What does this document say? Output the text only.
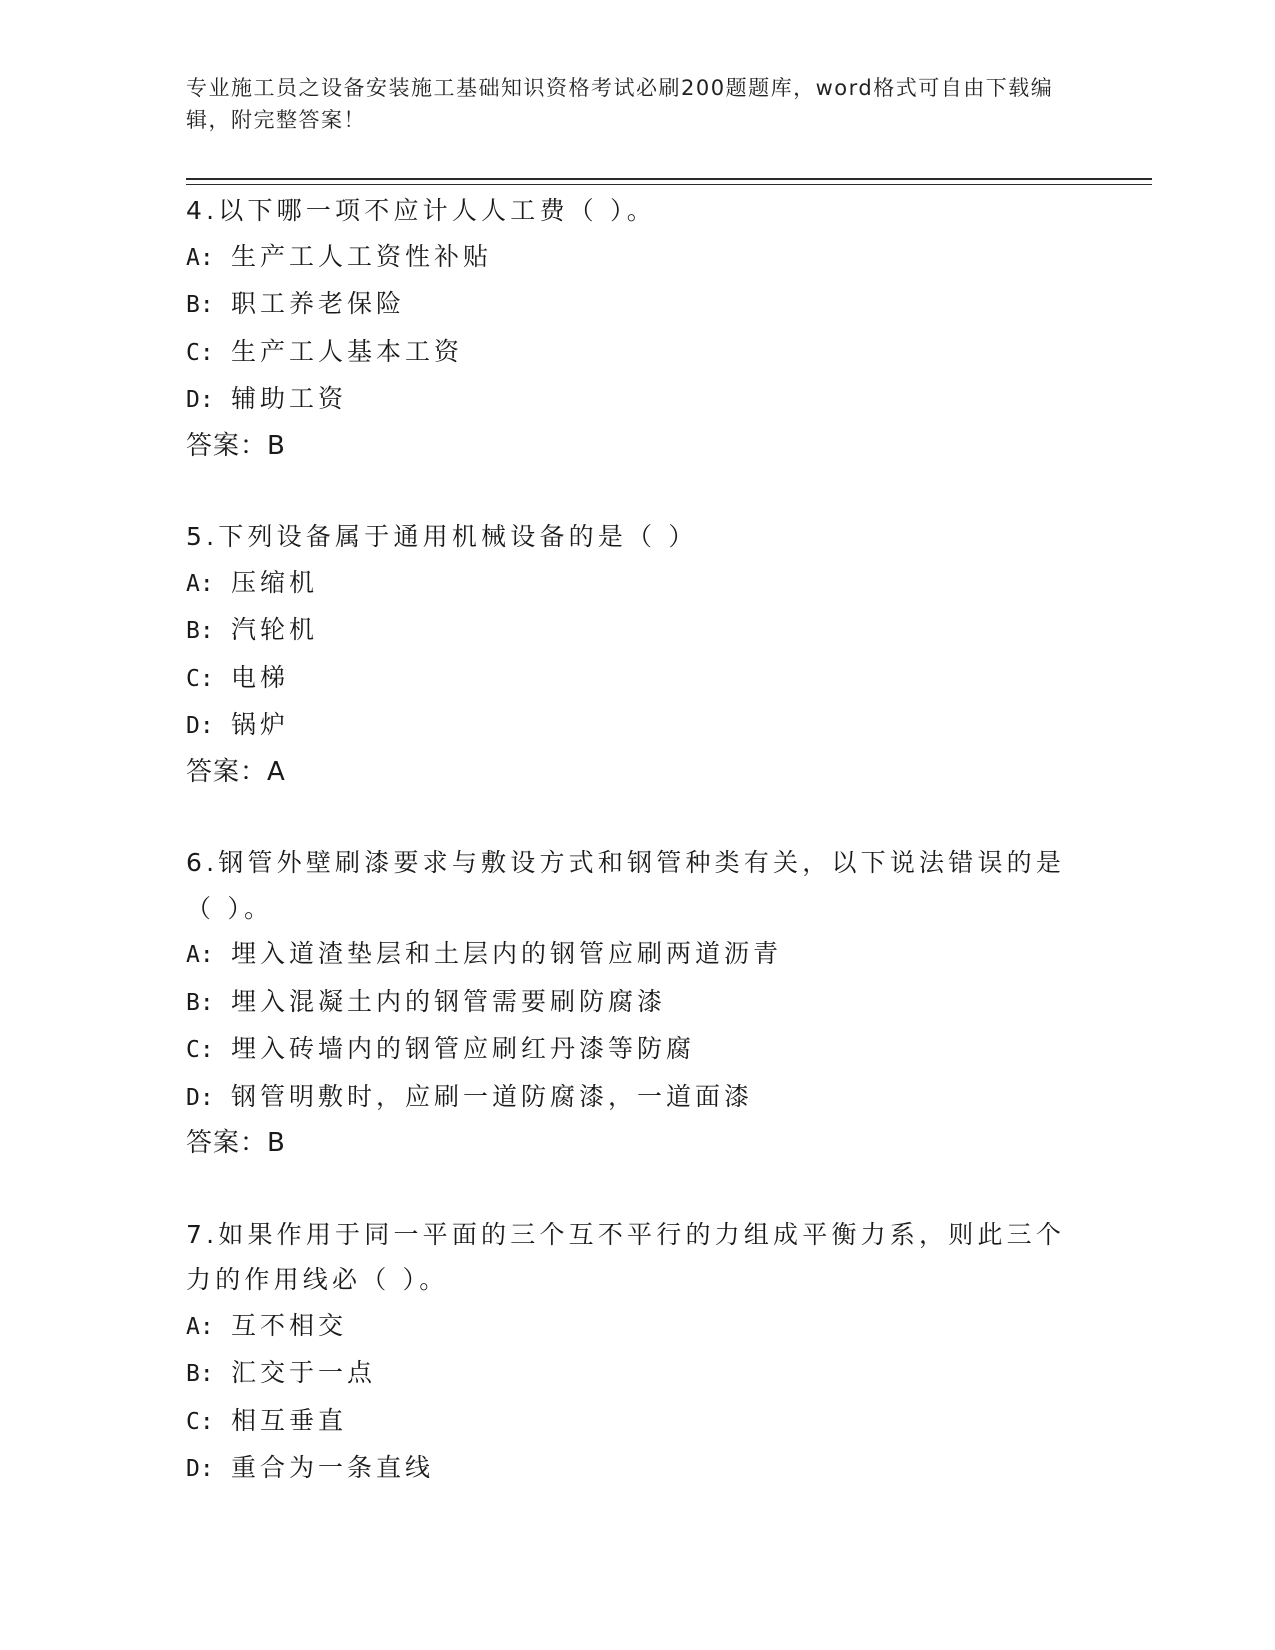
专业施工员之设备安装施工基础知识资格考试必刷200题题库，word格式可自由下载编辑，附完整答案！
4.以下哪一项不应计人人工费（ ）。
A: 生产工人工资性补贴
B: 职工养老保险
C: 生产工人基本工资
D: 辅助工资
答案：B
5.下列设备属于通用机械设备的是（ ）
A: 压缩机
B: 汽轮机
C: 电梯
D: 锅炉
答案：A
6.钢管外壁刷漆要求与敷设方式和钢管种类有关，以下说法错误的是（ ）。
A: 埋入道渣垫层和土层内的钢管应刷两道沥青
B: 埋入混凝土内的钢管需要刷防腐漆
C: 埋入砖墙内的钢管应刷红丹漆等防腐
D: 钢管明敷时，应刷一道防腐漆，一道面漆
答案：B
7.如果作用于同一平面的三个互不平行的力组成平衡力系，则此三个力的作用线必（ ）。
A: 互不相交
B: 汇交于一点
C: 相互垂直
D: 重合为一条直线
